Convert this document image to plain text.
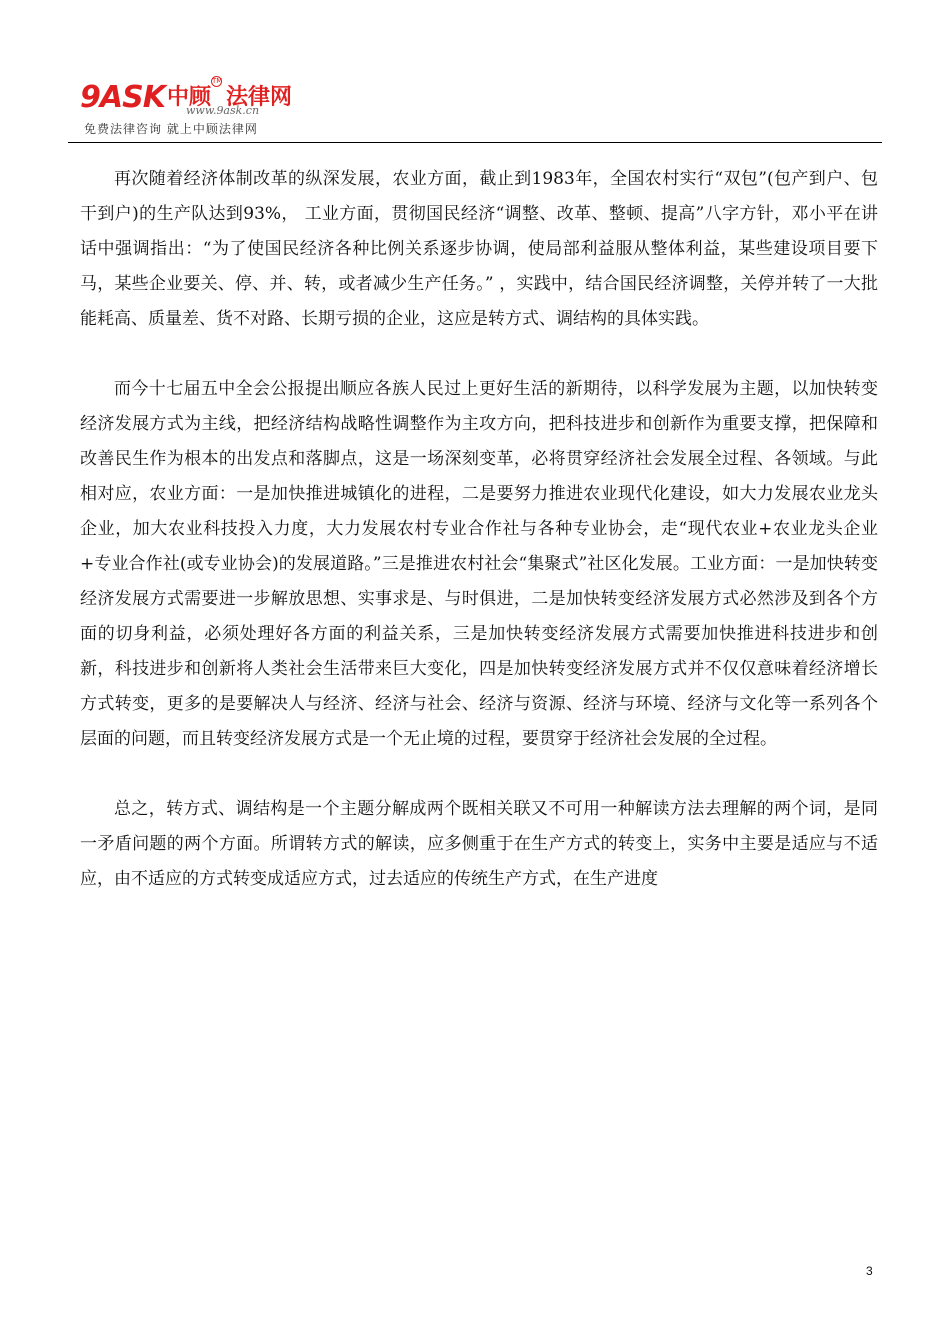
9ASK 中顾
TM
法律网
www.9ask.cn
免费法律咨询 就上中顾法律网

再次随着经济体制改革的纵深发展，农业方面，截止到1983年，全国农村实行“双包”(包产到户、包干到户)的生产队达到93%， 工业方面，贯彻国民经济“调整、改革、整顿、提高”八字方针，邓小平在讲话中强调指出：“为了使国民经济各种比例关系逐步协调，使局部利益服从整体利益，某些建设项目要下马，某些企业要关、停、并、转，或者减少生产任务。” ，实践中，结合国民经济调整，关停并转了一大批能耗高、质量差、货不对路、长期亏损的企业，这应是转方式、调结构的具体实践。

而今十七届五中全会公报提出顺应各族人民过上更好生活的新期待，以科学发展为主题，以加快转变经济发展方式为主线，把经济结构战略性调整作为主攻方向，把科技进步和创新作为重要支撑，把保障和改善民生作为根本的出发点和落脚点，这是一场深刻变革，必将贯穿经济社会发展全过程、各领域。与此相对应，农业方面：一是加快推进城镇化的进程，二是要努力推进农业现代化建设，如大力发展农业龙头企业，加大农业科技投入力度，大力发展农村专业合作社与各种专业协会，走“现代农业+农业龙头企业+专业合作社(或专业协会)的发展道路。”三是推进农村社会“集聚式”社区化发展。工业方面：一是加快转变经济发展方式需要进一步解放思想、实事求是、与时俱进，二是加快转变经济发展方式必然涉及到各个方面的切身利益，必须处理好各方面的利益关系，三是加快转变经济发展方式需要加快推进科技进步和创新，科技进步和创新将人类社会生活带来巨大变化，四是加快转变经济发展方式并不仅仅意味着经济增长方式转变，更多的是要解决人与经济、经济与社会、经济与资源、经济与环境、经济与文化等一系列各个层面的问题，而且转变经济发展方式是一个无止境的过程，要贯穿于经济社会发展的全过程。

总之，转方式、调结构是一个主题分解成两个既相关联又不可用一种解读方法去理解的两个词，是同一矛盾问题的两个方面。所谓转方式的解读，应多侧重于在生产方式的转变上，实务中主要是适应与不适应，由不适应的方式转变成适应方式，过去适应的传统生产方式，在生产进度

3
